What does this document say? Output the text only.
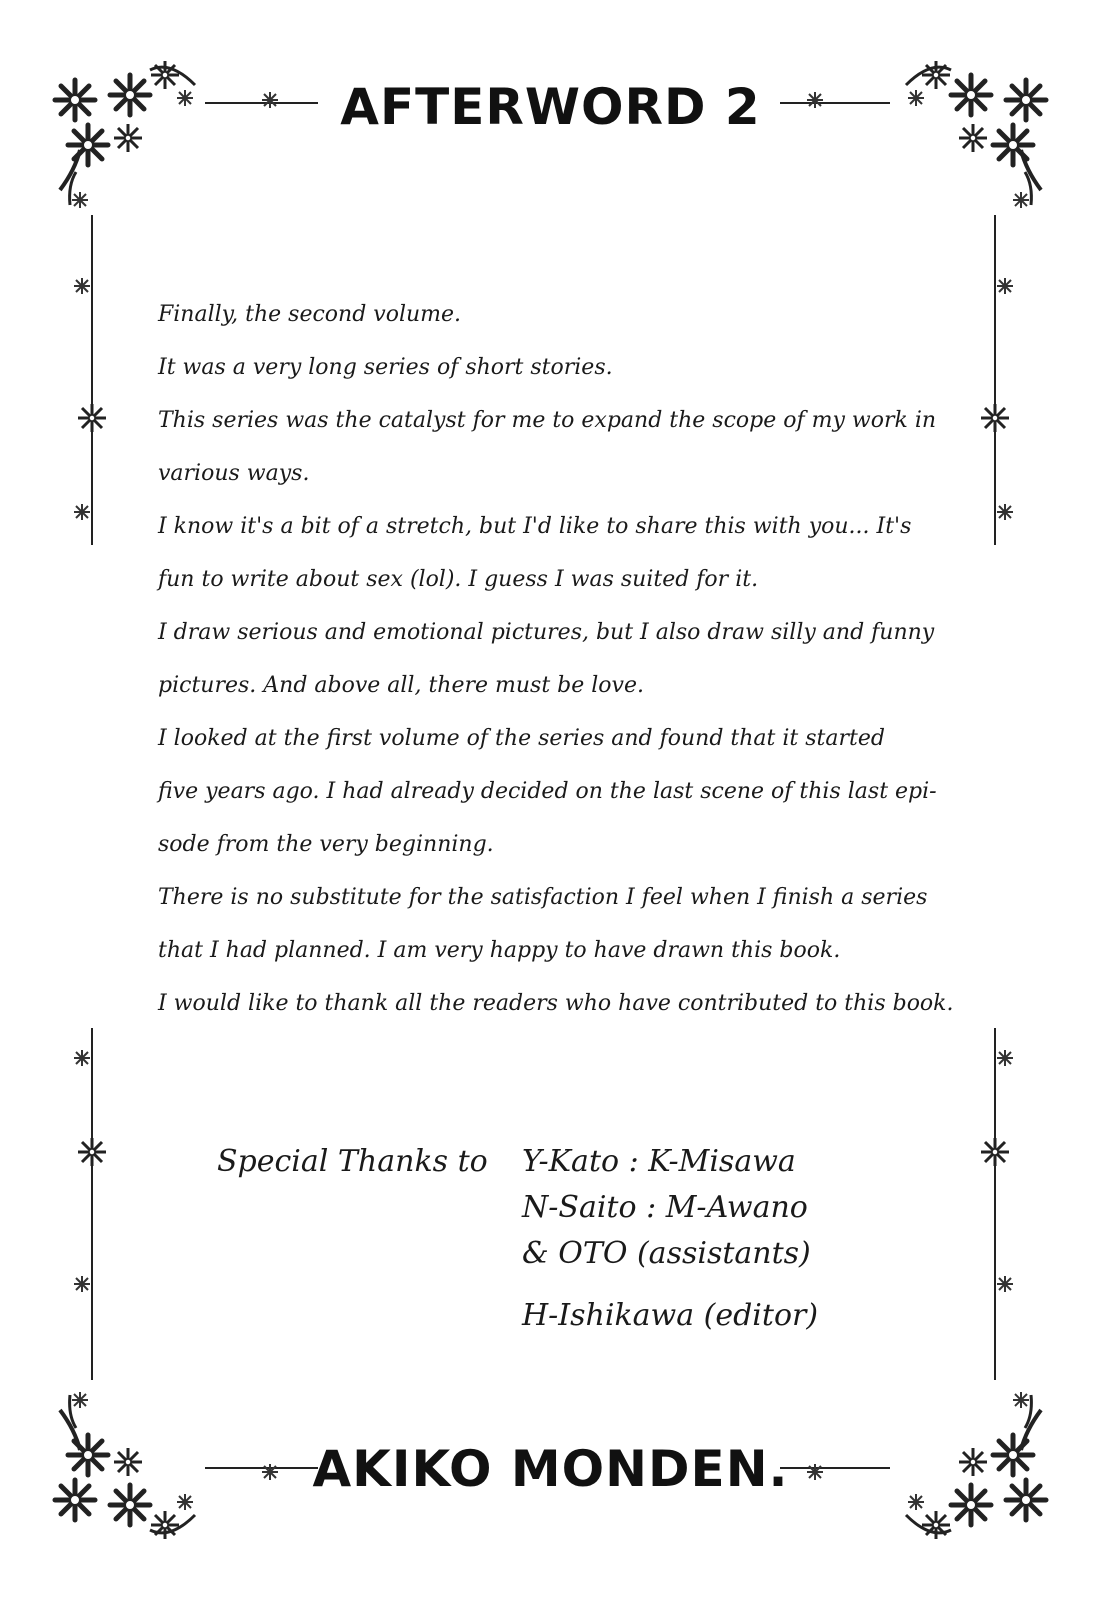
AFTERWORD 2
Finally, the second volume.
It was a very long series of short stories.
This series was the catalyst for me to expand the scope of my work in
various ways.
I know it's a bit of a stretch, but I'd like to share this with you... It's
fun to write about sex (lol). I guess I was suited for it.
I draw serious and emotional pictures, but I also draw silly and funny
pictures. And above all, there must be love.
I looked at the first volume of the series and found that it started
five years ago. I had already decided on the last scene of this last epi-
sode from the very beginning.
There is no substitute for the satisfaction I feel when I finish a series
that I had planned. I am very happy to have drawn this book.
I would like to thank all the readers who have contributed to this book.
Special Thanks to Y-Kato : K-Misawa
N-Saito : M-Awano
& OTO (assistants)
H-Ishikawa (editor)
AKIKO MONDEN.
